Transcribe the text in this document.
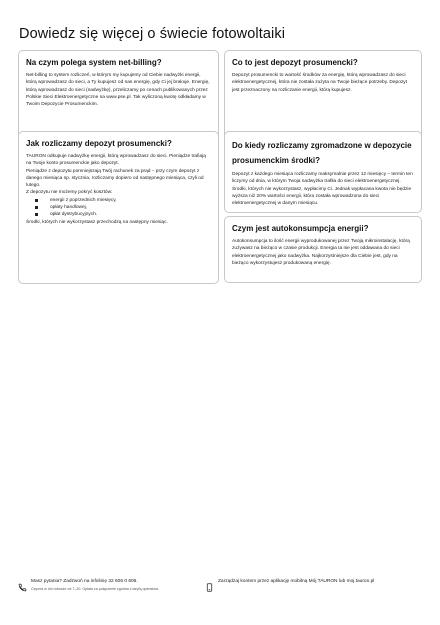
Dowiedz się więcej o świecie fotowoltaiki
Na czym polega system net-billing?
Net-billing to system rozliczeń, w którym my kupujemy od Ciebie nadwyżki energii, którą wprowadzasz do sieci, a Ty kupujesz od nas energię, gdy Ci jej brakuje. Energię, którą wprowadzasz do sieci (nadwyżkę), przeliczamy po cenach publikowanych przez Polskie Sieci Elektroenergetyczne na www.pse.pl. Tak wyliczoną kwotę odkładamy w Twoim Depozycie Prosumenckim.
Co to jest depozyt prosumencki?
Depozyt prosumencki to wartość środków za energię, którą wprowadzasz do sieci elektroenergetycznej, która nie została zużyta na Twoje bieżące potrzeby. Depozyt jest przeznaczony na rozliczanie energii, którą kupujesz.
Jak rozliczamy depozyt prosumencki?

TAURON odkupuje nadwyżkę energii, którą wprowadzasz do sieci. Pieniądze trafiają na Twoje konto prosumenckie jako depozyt.

Pieniądze z depozytu pomniejszają Twój rachunek za prąd – przy czym depozyt z danego miesiąca np. stycznia, rozliczamy dopiero od następnego miesiąca, czyli od lutego.

Z depozytu nie możemy pokryć kosztów:

energii z poprzednich miesięcy,
opłaty handlowej,
opłat dystrybucyjnych.

Środki, których nie wykorzystasz przechodzą na następny miesiąc.

Do kiedy rozliczamy zgromadzone w depozycie prosumenckim środki?
Depozyt z każdego miesiąca rozliczamy maksymalnie przez 12 miesięcy – termin ten liczymy od dnia, w którym Twoja nadwyżka trafiła do sieci elektroenergetycznej. Środki, których nie wykorzystasz, wypłacimy Ci. Jednak wypłacana kwota nie będzie wyższa niż 20% wartości energii, która została wprowadzona do sieci elektroenergetycznej w danym miesiącu.
Czym jest autokonsumpcja energii?
Autokonsumpcja to ilość energii wyprodukowanej przez Twoją mikroinstalację, którą zużywasz na bieżąco w czasie produkcji. Energia ta nie jest oddawana do sieci elektroenergetycznej jako nadwyżka. Najkorzystniejsze dla Ciebie jest, gdy na bieżąco wykorzystujesz produkowaną energię.
Masz pytania? Zadzwoń na infolinię 32 606 0 606.
Czynna w dni robocze od 7–20. Opłata za połączenie zgodna z taryfą operatora.
Zarządzaj kontem przez aplikację mobilną Mój TAURON lub moj.tauron.pl
